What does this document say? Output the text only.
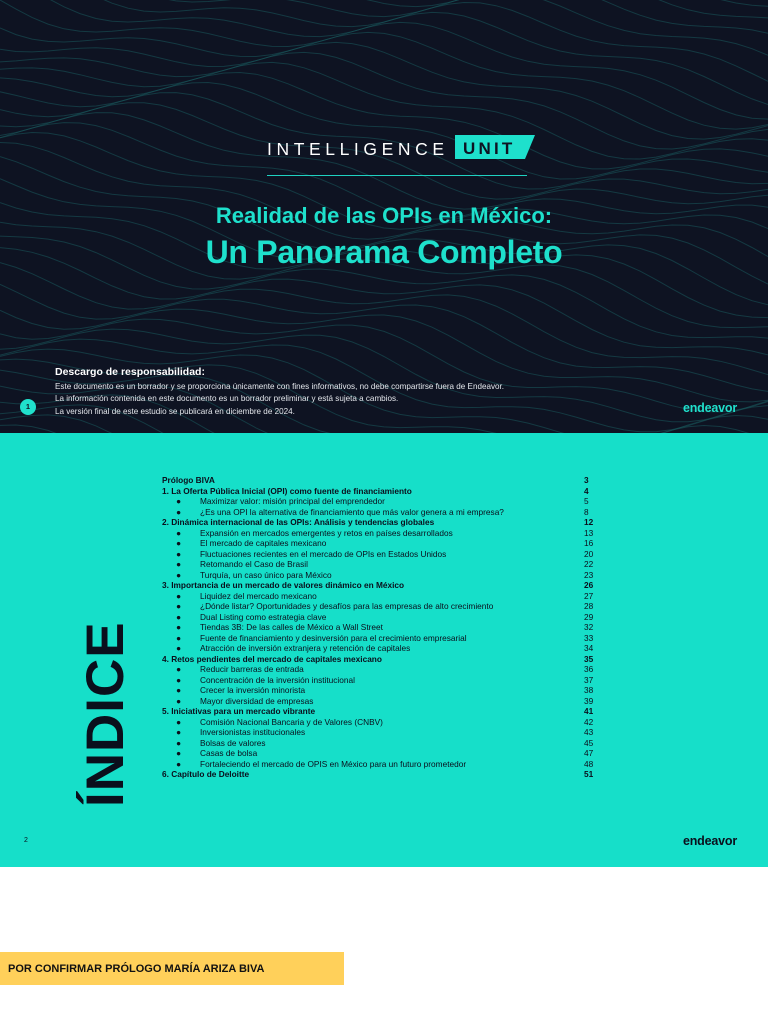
INTELLIGENCE UNIT
Realidad de las OPIs en México:
Un Panorama Completo
Descargo de responsabilidad:
Este documento es un borrador y se proporciona únicamente con fines informativos, no debe compartirse fuera de Endeavor.
La información contenida en este documento es un borrador preliminar y está sujeta a cambios.
La versión final de este estudio se publicará en diciembre de 2024.
1	endeavor
ÍNDICE
Prólogo BIVA	3
1. La Oferta Pública Inicial (OPI) como fuente de financiamiento	4
● Maximizar valor: misión principal del emprendedor	5
● ¿Es una OPI la alternativa de financiamiento que más valor genera a mi empresa?	8
2. Dinámica internacional de las OPIs: Análisis y tendencias globales	12
● Expansión en mercados emergentes y retos en países desarrollados	13
● El mercado de capitales mexicano	16
● Fluctuaciones recientes en el mercado de OPIs en Estados Unidos	20
● Retomando el Caso de Brasil	22
● Turquía, un caso único para México	23
3. Importancia de un mercado de valores dinámico en México	26
● Liquidez del mercado mexicano	27
● ¿Dónde listar? Oportunidades y desafíos para las empresas de alto crecimiento	28
● Dual Listing como estrategia clave	29
● Tiendas 3B: De las calles de México a Wall Street	32
● Fuente de financiamiento y desinversión para el crecimiento empresarial	33
● Atracción de inversión extranjera y retención de capitales	34
4. Retos pendientes del mercado de capitales mexicano	35
● Reducir barreras de entrada	36
● Concentración de la inversión institucional	37
● Crecer la inversión minorista	38
● Mayor diversidad de empresas	39
5. Iniciativas para un mercado vibrante	41
● Comisión Nacional Bancaria y de Valores (CNBV)	42
● Inversionistas institucionales	43
● Bolsas de valores	45
● Casas de bolsa	47
● Fortaleciendo el mercado de OPIS en México para un futuro prometedor	48
6. Capítulo de Deloitte	51
2	endeavor
POR CONFIRMAR PRÓLOGO MARÍA ARIZA BIVA
